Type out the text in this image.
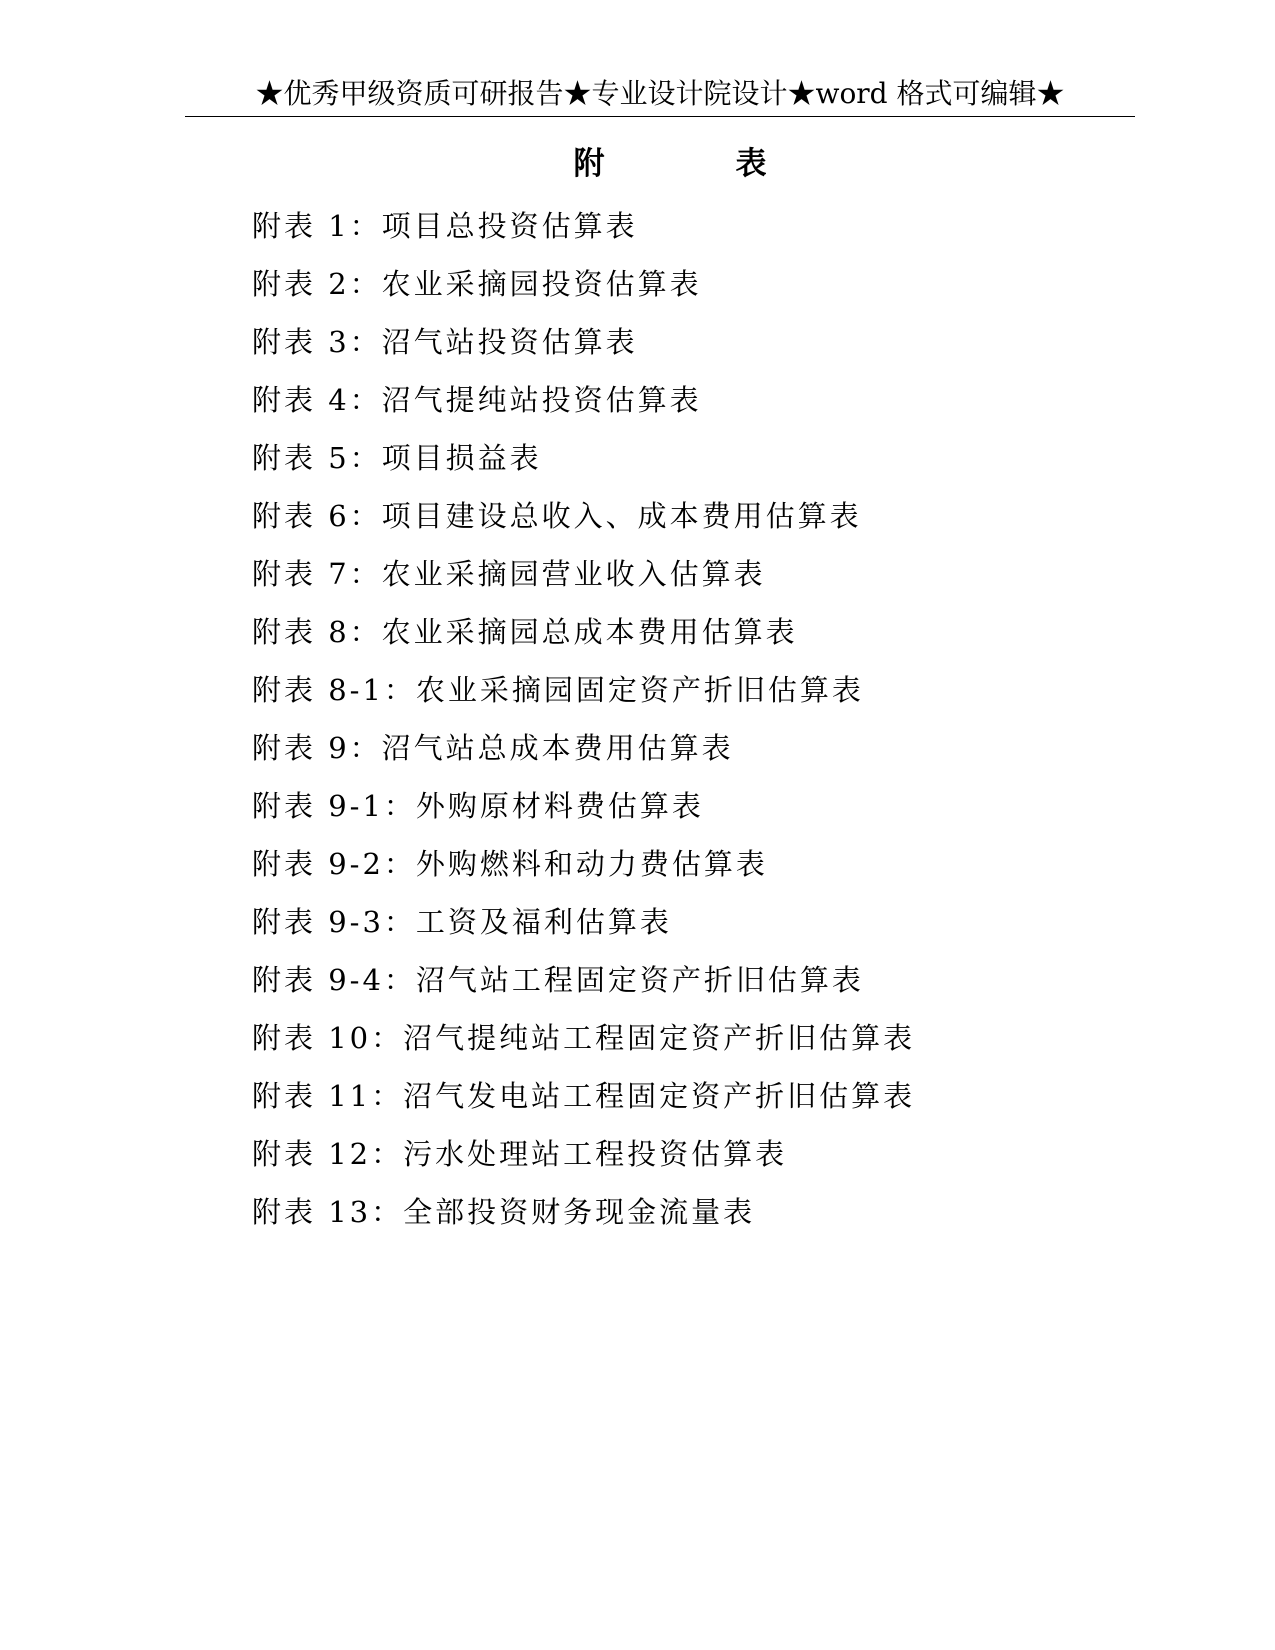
★优秀甲级资质可研报告★专业设计院设计★word 格式可编辑★
附　表
附表 1：项目总投资估算表
附表 2：农业采摘园投资估算表
附表 3：沼气站投资估算表
附表 4：沼气提纯站投资估算表
附表 5：项目损益表
附表 6：项目建设总收入、成本费用估算表
附表 7：农业采摘园营业收入估算表
附表 8：农业采摘园总成本费用估算表
附表 8-1：农业采摘园固定资产折旧估算表
附表 9：沼气站总成本费用估算表
附表 9-1：外购原材料费估算表
附表 9-2：外购燃料和动力费估算表
附表 9-3：工资及福利估算表
附表 9-4：沼气站工程固定资产折旧估算表
附表 10：沼气提纯站工程固定资产折旧估算表
附表 11：沼气发电站工程固定资产折旧估算表
附表 12：污水处理站工程投资估算表
附表 13：全部投资财务现金流量表
